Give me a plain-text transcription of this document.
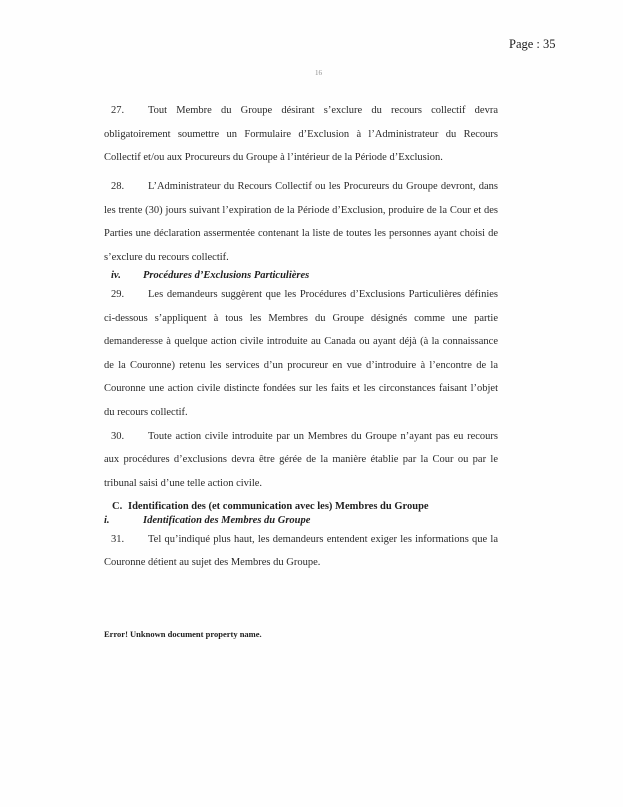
Page : 35
16

27. Tout Membre du Groupe désirant s’exclure du recours collectif devra obligatoirement soumettre un Formulaire d’Exclusion à l’Administrateur du Recours Collectif et/ou aux Procureurs du Groupe à l’intérieur de la Période d’Exclusion.

28. L’Administrateur du Recours Collectif ou les Procureurs du Groupe devront, dans les trente (30) jours suivant l’expiration de la Période d’Exclusion, produire de la Cour et des Parties une déclaration assermentée contenant la liste de toutes les personnes ayant choisi de s’exclure du recours collectif.

iv. Procédures d’Exclusions Particulières

29. Les demandeurs suggèrent que les Procédures d’Exclusions Particulières définies ci-dessous s’appliquent à tous les Membres du Groupe désignés comme une partie demanderesse à quelque action civile introduite au Canada ou ayant déjà (à la connaissance de la Couronne) retenu les services d’un procureur en vue d’introduire à l’encontre de la Couronne une action civile distincte fondées sur les faits et les circonstances faisant l’objet du recours collectif.

30. Toute action civile introduite par un Membres du Groupe n’ayant pas eu recours aux procédures d’exclusions devra être gérée de la manière établie par la Cour ou par le tribunal saisi d’une telle action civile.

C. Identification des (et communication avec les) Membres du Groupe

i.	Identification des Membres du Groupe

31. Tel qu’indiqué plus haut, les demandeurs entendent exiger les informations que la Couronne détient au sujet des Membres du Groupe.

Error! Unknown document property name.
